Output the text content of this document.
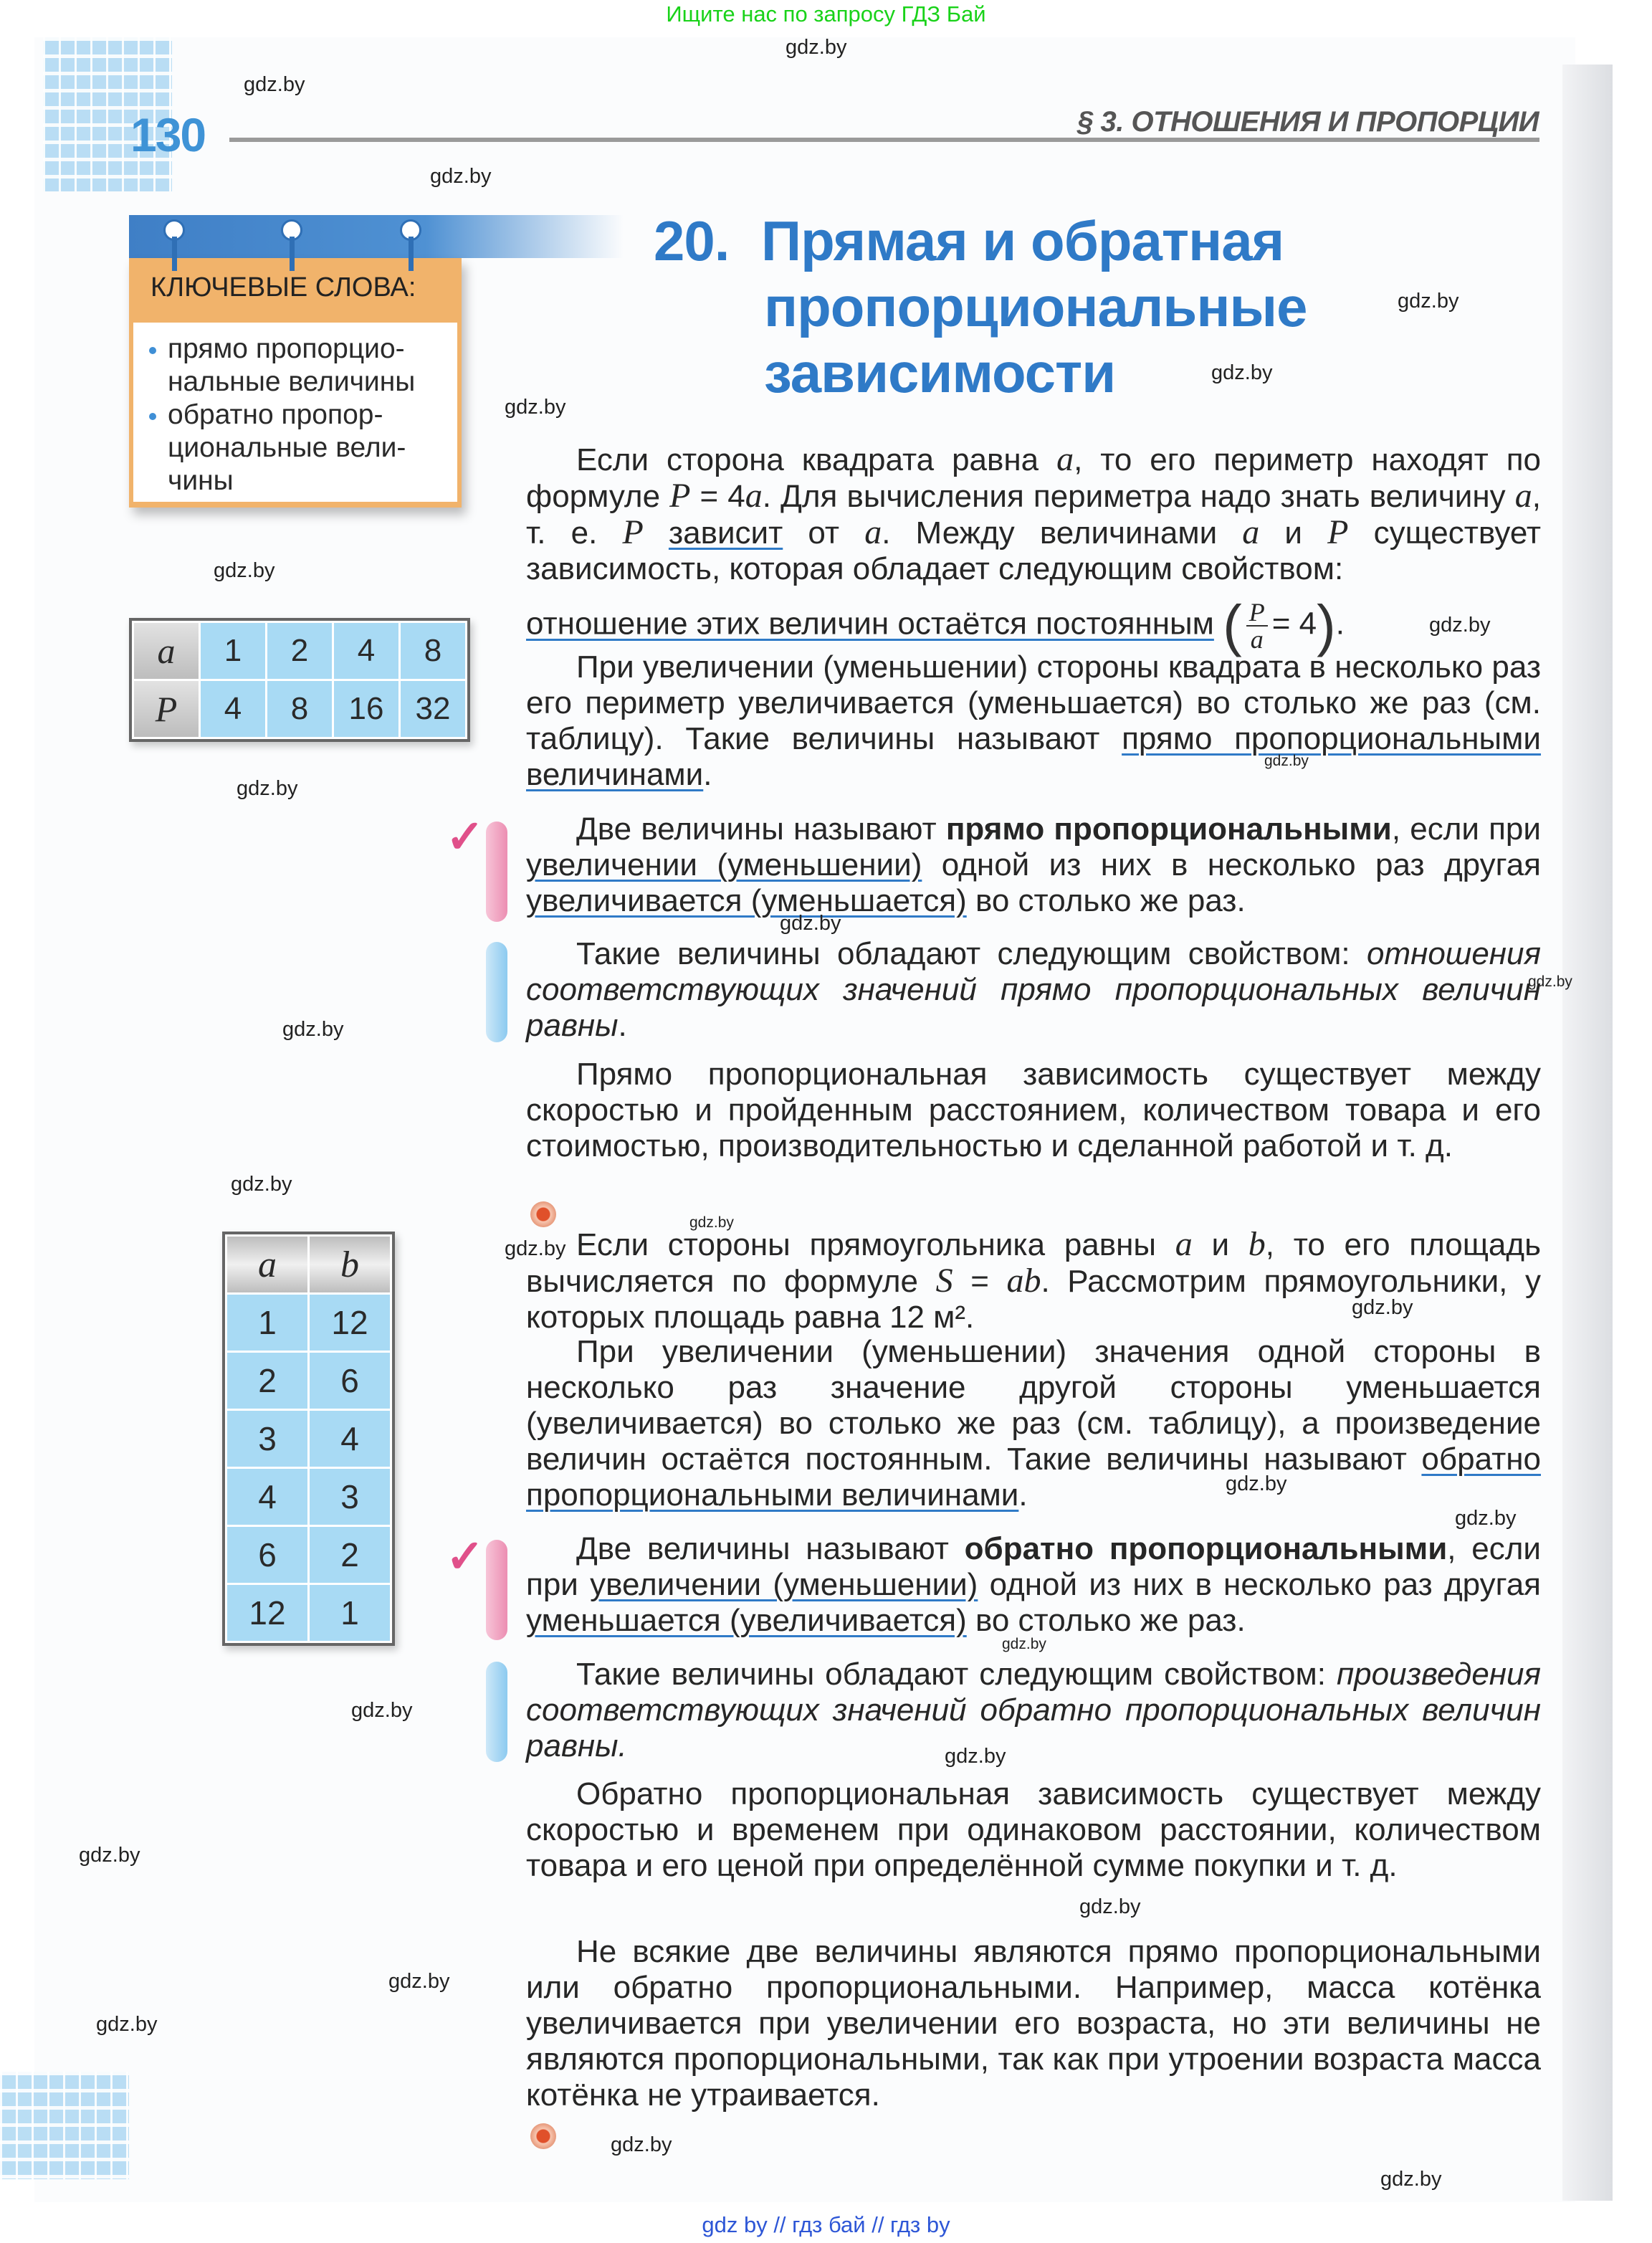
Ищите нас по запросу ГДЗ Бай
130	§ 3. ОТНОШЕНИЯ И ПРОПОРЦИИ
КЛЮЧЕВЫЕ СЛОВА:
прямо пропорцио-нальные величины
обратно пропор-циональные вели-чины
20. Прямая и обратная
пропорциональные
зависимости
a	1	2	4	8
P	4	8	16	32
a	b
1	12
2	6
3	4
4	3
6	2
12	1
Если сторона квадрата равна a, то его периметр находят по формуле P = 4a. Для вычисления периметра надо знать величину a, т. е. P зависит от a. Между величинами a и P существует зависимость, которая обладает следующим свойством:
отношение этих величин остаётся постоянным ( $\frac{P}{a} = 4$).
При увеличении (уменьшении) стороны квадрата в несколько раз его периметр увеличивается (уменьшается) во столько же раз (см. таблицу). Такие величины называют прямо пропорциональными величинами.
✓	Две величины называют прямо пропорциональными, если при увеличении (уменьшении) одной из них в несколько раз другая увеличивается (уменьшается) во столько же раз.
Такие величины обладают следующим свойством: отношения соответствующих значений прямо пропорциональных величин равны.
Прямо пропорциональная зависимость существует между скоростью и пройденным расстоянием, количеством товара и его стоимостью, производительностью и сделанной работой и т. д.
Если стороны прямоугольника равны a и b, то его площадь вычисляется по формуле S = ab. Рассмотрим прямоугольники, у которых площадь равна 12 м².
При увеличении (уменьшении) значения одной стороны в несколько раз значение другой стороны уменьшается (увеличивается) во столько же раз (см. таблицу), а произведение величин остаётся постоянным. Такие величины называют обратно пропорциональными величинами.
✓	Две величины называют обратно пропорциональными, если при увеличении (уменьшении) одной из них в несколько раз другая уменьшается (увеличивается) во столько же раз.
Такие величины обладают следующим свойством: произведения соответствующих значений обратно пропорциональных величин равны.
Обратно пропорциональная зависимость существует между скоростью и временем при одинаковом расстоянии, количеством товара и его ценой при определённой сумме покупки и т. д.
Не всякие две величины являются прямо пропорциональными или обратно пропорциональными. Например, масса котёнка увеличивается при увеличении его возраста, но эти величины не являются пропорциональными, так как при утроении возраста масса котёнка не утраивается.
gdz.by
gdz.by
gdz.by
gdz.by
gdz.by
gdz.by
gdz.by
gdz.by
gdz.by
gdz.by
gdz.by
gdz.by
gdz.by
gdz.by
gdz.by
gdz.by
gdz.by
gdz.by
gdz.by
gdz.by
gdz.by
gdz.by
gdz.by
gdz.by
gdz.by
gdz.by
gdz.by
gdz.by
gdz by // гдз бай // гдз by
